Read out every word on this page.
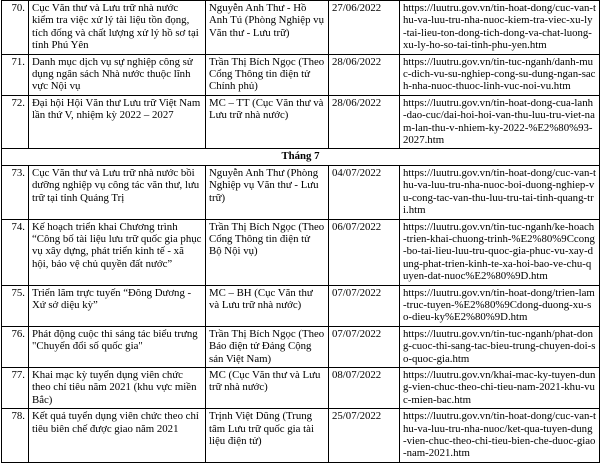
70.	Cục Văn thư và Lưu trữ nhà nước kiểm tra việc xử lý tài liệu tồn đọng, tích đống và chất lượng xử lý hồ sơ tại tỉnh Phú Yên	Nguyễn Anh Thư - Hồ Anh Tú (Phòng Nghiệp vụ Văn thư - Lưu trữ)	27/06/2022	https://luutru.gov.vn/tin-hoat-dong/cuc-van-thu-va-luu-tru-nha-nuoc-kiem-tra-viec-xu-ly-tai-lieu-ton-dong-tich-dong-va-chat-luong-xu-ly-ho-so-tai-tinh-phu-yen.htm
71.	Danh mục dịch vụ sự nghiệp công sử dụng ngân sách Nhà nước thuộc lĩnh vực Nội vụ	Trần Thị Bích Ngọc (Theo Cổng Thông tin điện tử Chính phủ)	28/06/2022	https://luutru.gov.vn/tin-tuc-nganh/danh-muc-dich-vu-su-nghiep-cong-su-dung-ngan-sach-nha-nuoc-thuoc-linh-vuc-noi-vu.htm
72.	Đại hội Hội Văn thư Lưu trữ Việt Nam lần thứ V, nhiệm kỳ 2022 – 2027	MC – TT (Cục Văn thư và Lưu trữ nhà nước)	28/06/2022	https://luutru.gov.vn/tin-hoat-dong-cua-lanh-dao-cuc/dai-hoi-hoi-van-thu-luu-tru-viet-nam-lan-thu-v-nhiem-ky-2022-%E2%80%93-2027.htm
Tháng 7				
73.	Cục Văn thư và Lưu trữ nhà nước bồi dưỡng nghiệp vụ công tác văn thư, lưu trữ tại tỉnh Quảng Trị	Nguyễn Anh Thư (Phòng Nghiệp vụ Văn thư - Lưu trữ)	04/07/2022	https://luutru.gov.vn/tin-hoat-dong/cuc-van-thu-va-luu-tru-nha-nuoc-boi-duong-nghiep-vu-cong-tac-van-thu-luu-tru-tai-tinh-quang-tri.htm
74.	Kế hoạch triển khai Chương trình “Công bố tài liệu lưu trữ quốc gia phục vụ xây dựng, phát triển kinh tế - xã hội, bảo vệ chủ quyền đất nước”	Trần Thị Bích Ngọc (Theo Cổng Thông tin điện tử Bộ Nội vụ)	06/07/2022	https://luutru.gov.vn/tin-tuc-nganh/ke-hoach-trien-khai-chuong-trinh-%E2%80%9Ccong-bo-tai-lieu-luu-tru-quoc-gia-phuc-vu-xay-dung-phat-trien-kinh-te-xa-hoi-bao-ve-chu-quyen-dat-nuoc%E2%80%9D.htm
75.	Triển lãm trực tuyến “Đông Dương - Xứ sở diệu kỳ”	MC – BH (Cục Văn thư và Lưu trữ nhà nước)	07/07/2022	https://luutru.gov.vn/tin-hoat-dong/trien-lam-truc-tuyen-%E2%80%9Cdong-duong-xu-so-dieu-ky%E2%80%9D.htm
76.	Phát động cuộc thi sáng tác biểu trưng "Chuyển đổi số quốc gia"	Trần Thị Bích Ngọc (Theo Báo điện tử Đảng Cộng sản Việt Nam)	07/07/2022	https://luutru.gov.vn/tin-tuc-nganh/phat-dong-cuoc-thi-sang-tac-bieu-trung-chuyen-doi-so-quoc-gia.htm
77.	Khai mạc kỳ tuyển dụng viên chức theo chỉ tiêu năm 2021 (khu vực miền Bắc)	MC (Cục Văn thư và Lưu trữ nhà nước)	08/07/2022	https://luutru.gov.vn/khai-mac-ky-tuyen-dung-vien-chuc-theo-chi-tieu-nam-2021-khu-vuc-mien-bac.htm
78.	Kết quả tuyển dụng viên chức theo chỉ tiêu biên chế được giao năm 2021	Trịnh Việt Dũng (Trung tâm Lưu trữ quốc gia tài liệu điện tử)	25/07/2022	https://luutru.gov.vn/tin-hoat-dong/cuc-van-thu-va-luu-tru-nha-nuoc/ket-qua-tuyen-dung-vien-chuc-theo-chi-tieu-bien-che-duoc-giao-nam-2021.htm
